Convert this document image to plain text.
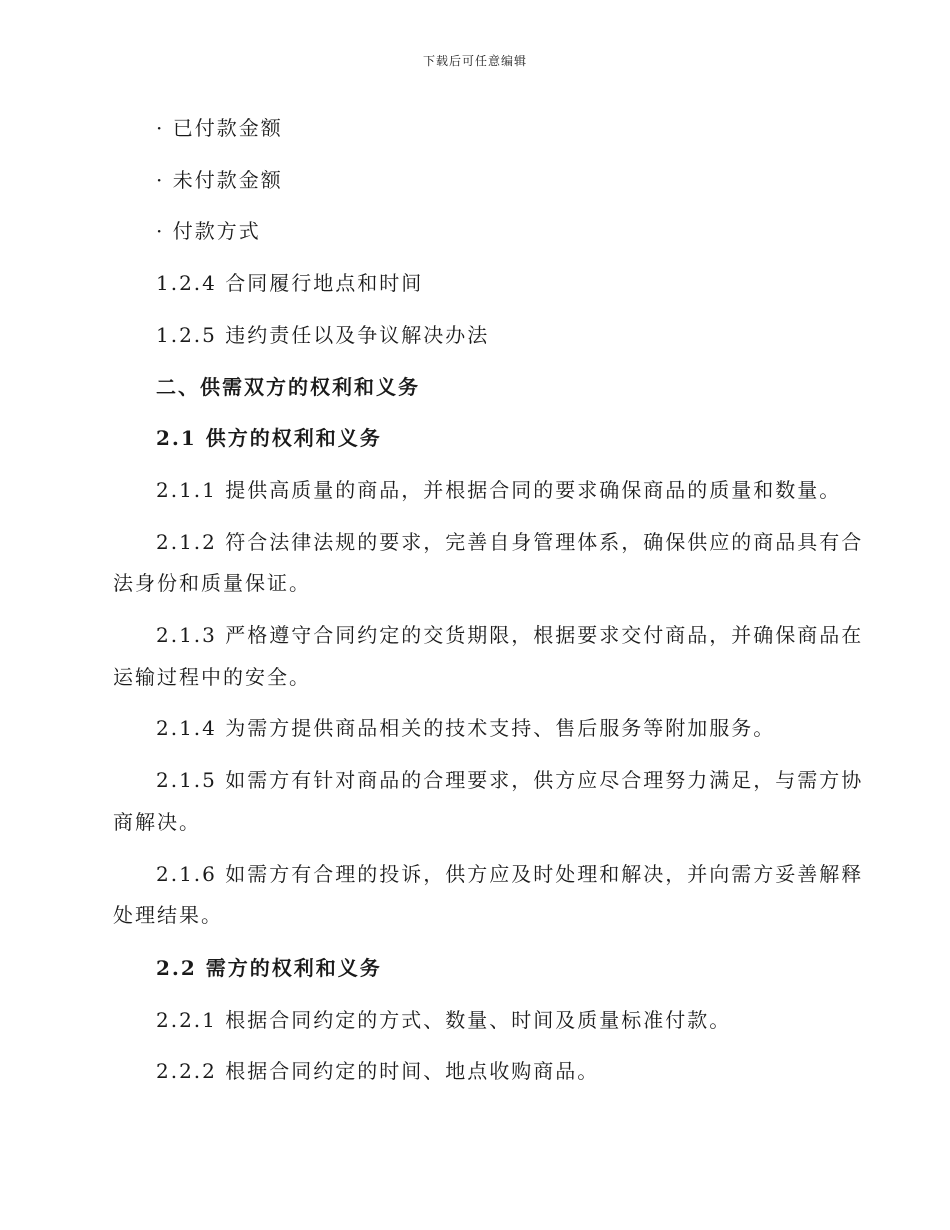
下载后可任意编辑
· 已付款金额
· 未付款金额
· 付款方式
1.2.4 合同履行地点和时间
1.2.5 违约责任以及争议解决办法
二、供需双方的权利和义务
2.1 供方的权利和义务
2.1.1 提供高质量的商品，并根据合同的要求确保商品的质量和数量。
2.1.2 符合法律法规的要求，完善自身管理体系，确保供应的商品具有合
法身份和质量保证。
2.1.3 严格遵守合同约定的交货期限，根据要求交付商品，并确保商品在
运输过程中的安全。
2.1.4 为需方提供商品相关的技术支持、售后服务等附加服务。
2.1.5 如需方有针对商品的合理要求，供方应尽合理努力满足，与需方协
商解决。
2.1.6 如需方有合理的投诉，供方应及时处理和解决，并向需方妥善解释
处理结果。
2.2 需方的权利和义务
2.2.1 根据合同约定的方式、数量、时间及质量标准付款。
2.2.2 根据合同约定的时间、地点收购商品。
